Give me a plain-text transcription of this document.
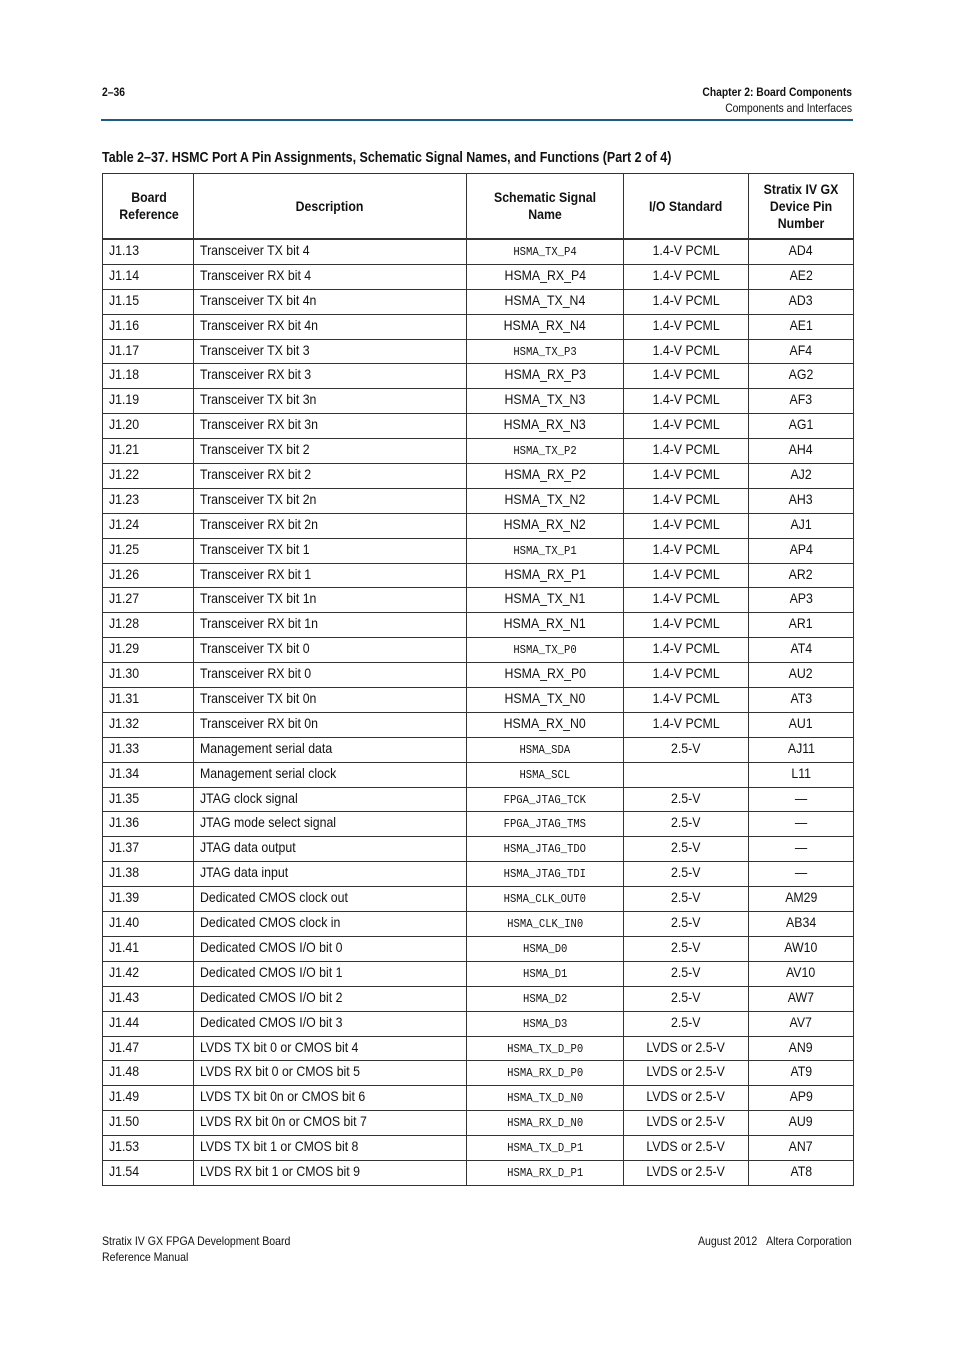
2–36	Chapter 2: Board Components
Components and Interfaces
Table 2–37. HSMC Port A Pin Assignments, Schematic Signal Names, and Functions (Part 2 of 4)
Board Reference	Description	Schematic Signal Name	I/O Standard	Stratix IV GX Device Pin Number
J1.13	Transceiver TX bit 4	HSMA_TX_P4	1.4-V PCML	AD4
J1.14	Transceiver RX bit 4	HSMA_RX_P4	1.4-V PCML	AE2
J1.15	Transceiver TX bit 4n	HSMA_TX_N4	1.4-V PCML	AD3
J1.16	Transceiver RX bit 4n	HSMA_RX_N4	1.4-V PCML	AE1
J1.17	Transceiver TX bit 3	HSMA_TX_P3	1.4-V PCML	AF4
J1.18	Transceiver RX bit 3	HSMA_RX_P3	1.4-V PCML	AG2
J1.19	Transceiver TX bit 3n	HSMA_TX_N3	1.4-V PCML	AF3
J1.20	Transceiver RX bit 3n	HSMA_RX_N3	1.4-V PCML	AG1
J1.21	Transceiver TX bit 2	HSMA_TX_P2	1.4-V PCML	AH4
J1.22	Transceiver RX bit 2	HSMA_RX_P2	1.4-V PCML	AJ2
J1.23	Transceiver TX bit 2n	HSMA_TX_N2	1.4-V PCML	AH3
J1.24	Transceiver RX bit 2n	HSMA_RX_N2	1.4-V PCML	AJ1
J1.25	Transceiver TX bit 1	HSMA_TX_P1	1.4-V PCML	AP4
J1.26	Transceiver RX bit 1	HSMA_RX_P1	1.4-V PCML	AR2
J1.27	Transceiver TX bit 1n	HSMA_TX_N1	1.4-V PCML	AP3
J1.28	Transceiver RX bit 1n	HSMA_RX_N1	1.4-V PCML	AR1
J1.29	Transceiver TX bit 0	HSMA_TX_P0	1.4-V PCML	AT4
J1.30	Transceiver RX bit 0	HSMA_RX_P0	1.4-V PCML	AU2
J1.31	Transceiver TX bit 0n	HSMA_TX_N0	1.4-V PCML	AT3
J1.32	Transceiver RX bit 0n	HSMA_RX_N0	1.4-V PCML	AU1
J1.33	Management serial data	HSMA_SDA	2.5-V	AJ11
J1.34	Management serial clock	HSMA_SCL		L11
J1.35	JTAG clock signal	FPGA_JTAG_TCK	2.5-V	—
J1.36	JTAG mode select signal	FPGA_JTAG_TMS	2.5-V	—
J1.37	JTAG data output	HSMA_JTAG_TDO	2.5-V	—
J1.38	JTAG data input	HSMA_JTAG_TDI	2.5-V	—
J1.39	Dedicated CMOS clock out	HSMA_CLK_OUT0	2.5-V	AM29
J1.40	Dedicated CMOS clock in	HSMA_CLK_IN0	2.5-V	AB34
J1.41	Dedicated CMOS I/O bit 0	HSMA_D0	2.5-V	AW10
J1.42	Dedicated CMOS I/O bit 1	HSMA_D1	2.5-V	AV10
J1.43	Dedicated CMOS I/O bit 2	HSMA_D2	2.5-V	AW7
J1.44	Dedicated CMOS I/O bit 3	HSMA_D3	2.5-V	AV7
J1.47	LVDS TX bit 0 or CMOS bit 4	HSMA_TX_D_P0	LVDS or 2.5-V	AN9
J1.48	LVDS RX bit 0 or CMOS bit 5	HSMA_RX_D_P0	LVDS or 2.5-V	AT9
J1.49	LVDS TX bit 0n or CMOS bit 6	HSMA_TX_D_N0	LVDS or 2.5-V	AP9
J1.50	LVDS RX bit 0n or CMOS bit 7	HSMA_RX_D_N0	LVDS or 2.5-V	AU9
J1.53	LVDS TX bit 1 or CMOS bit 8	HSMA_TX_D_P1	LVDS or 2.5-V	AN7
J1.54	LVDS RX bit 1 or CMOS bit 9	HSMA_RX_D_P1	LVDS or 2.5-V	AT8
Stratix IV GX FPGA Development Board
Reference Manual
August 2012 Altera Corporation
